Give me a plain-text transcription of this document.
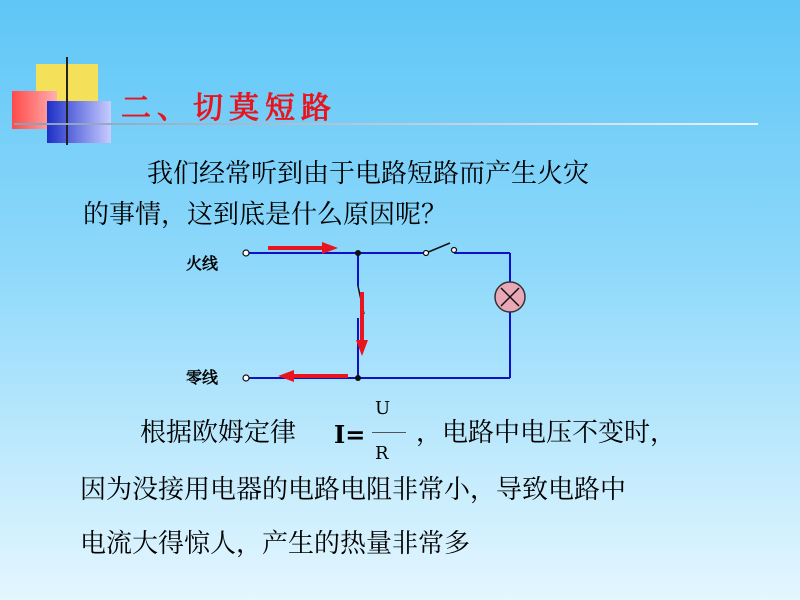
二、切莫短路
我们经常听到由于电路短路而产生火灾
的事情，这到底是什么原因呢？
火线
零线
根据欧姆定律 I=
U
R
，电路中电压不变时，
因为没接用电器的电路电阻非常小，导致电路中
电流大得惊人，产生的热量非常多
